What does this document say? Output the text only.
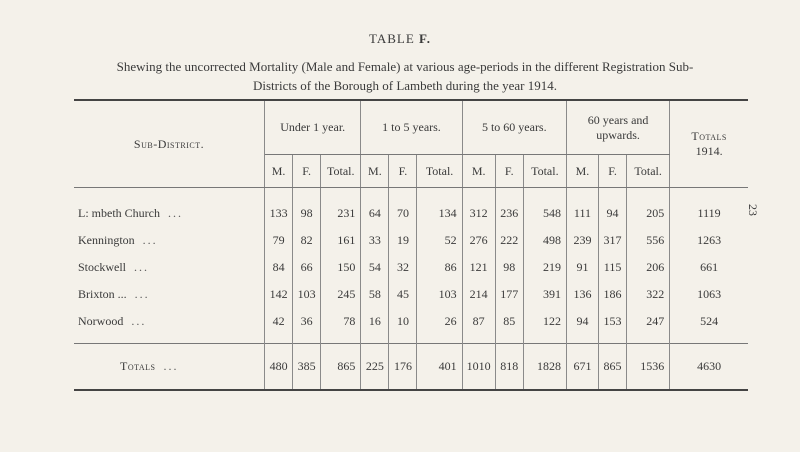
TABLE F.
Shewing the uncorrected Mortality (Male and Female) at various age-periods in the different Registration Sub-
Districts of the Borough of Lambeth during the year 1914.
23
Sub-District.	Under 1 year.			1 to 5 years.			5 to 60 years.			60 years and upwards.			Totals
1914.

	M.	F.	Total.	M.	F.	Total.	M.	F.	Total.	M.	F.	Total.	

L: mbeth Church ...	133	98	231	64	70	134	312	236	548	111	94	205	1119
Kennington ...	79	82	161	33	19	52	276	222	498	239	317	556	1263
Stockwell ...	84	66	150	54	32	86	121	98	219	91	115	206	661
Brixton ... ...	142	103	245	58	45	103	214	177	391	136	186	322	1063
Norwood ...	42	36	78	16	10	26	87	85	122	94	153	247	524

Totals ...	480	385	865	225	176	401	1010	818	1828	671	865	1536	4630
